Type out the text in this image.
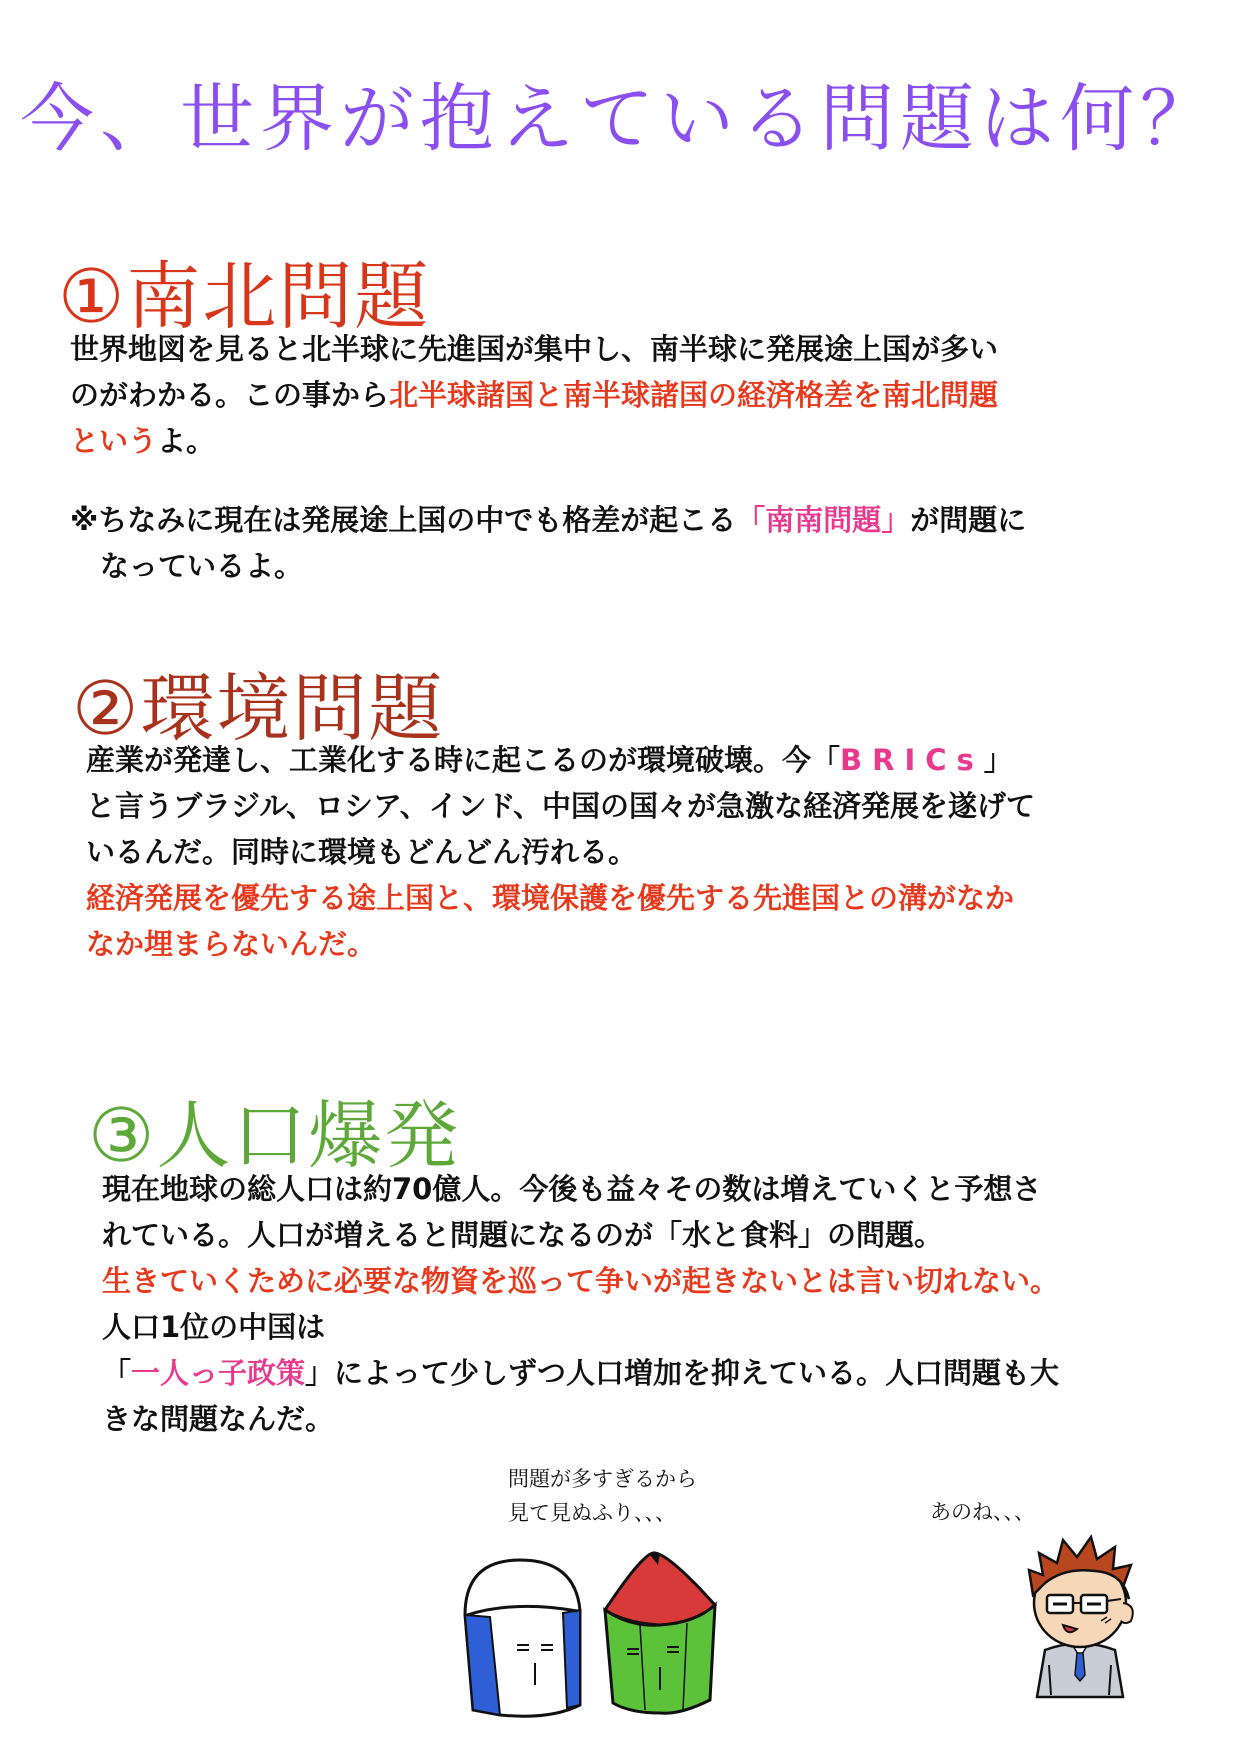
今、世界が抱えている問題は何？
①南北問題
世界地図を見ると北半球に先進国が集中し、南半球に発展途上国が多い
のがわかる。この事から北半球諸国と南半球諸国の経済格差を南北問題
というよ。
※ちなみに現在は発展途上国の中でも格差が起こる「南南問題」が問題に
なっているよ。
②環境問題
産業が発達し、工業化する時に起こるのが環境破壊。今「BRICs」
と言うブラジル、ロシア、インド、中国の国々が急激な経済発展を遂げて
いるんだ。同時に環境もどんどん汚れる。
経済発展を優先する途上国と、環境保護を優先する先進国との溝がなか
なか埋まらないんだ。
③人口爆発
現在地球の総人口は約70億人。今後も益々その数は増えていくと予想さ
れている。人口が増えると問題になるのが「水と食料」の問題。
生きていくために必要な物資を巡って争いが起きないとは言い切れない。
人口1位の中国は
「一人っ子政策」によって少しずつ人口増加を抑えている。人口問題も大
きな問題なんだ。
問題が多すぎるから
見て見ぬふり、、、	あのね、、、
